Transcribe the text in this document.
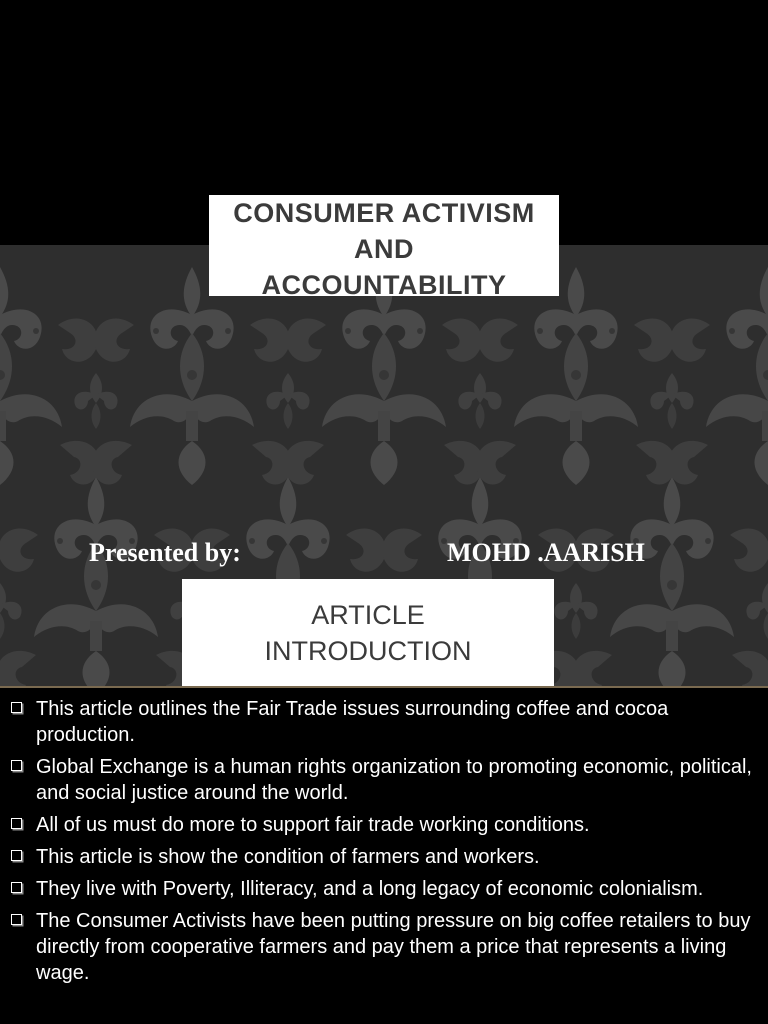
CONSUMER ACTIVISM
AND
ACCOUNTABILITY

Presented by:	MOHD .AARISH

ARTICLE
INTRODUCTION

This article outlines the Fair Trade issues surrounding coffee and cocoa production.
Global Exchange is a human rights organization to promoting economic, political, and social justice around the world.
All of us must do more to support fair trade working conditions.
This article is show the condition of farmers and workers.
They live with Poverty, Illiteracy, and a long legacy of economic colonialism.
The Consumer Activists have been putting pressure on big coffee retailers to buy directly from cooperative farmers and pay them a price that represents a living wage.
